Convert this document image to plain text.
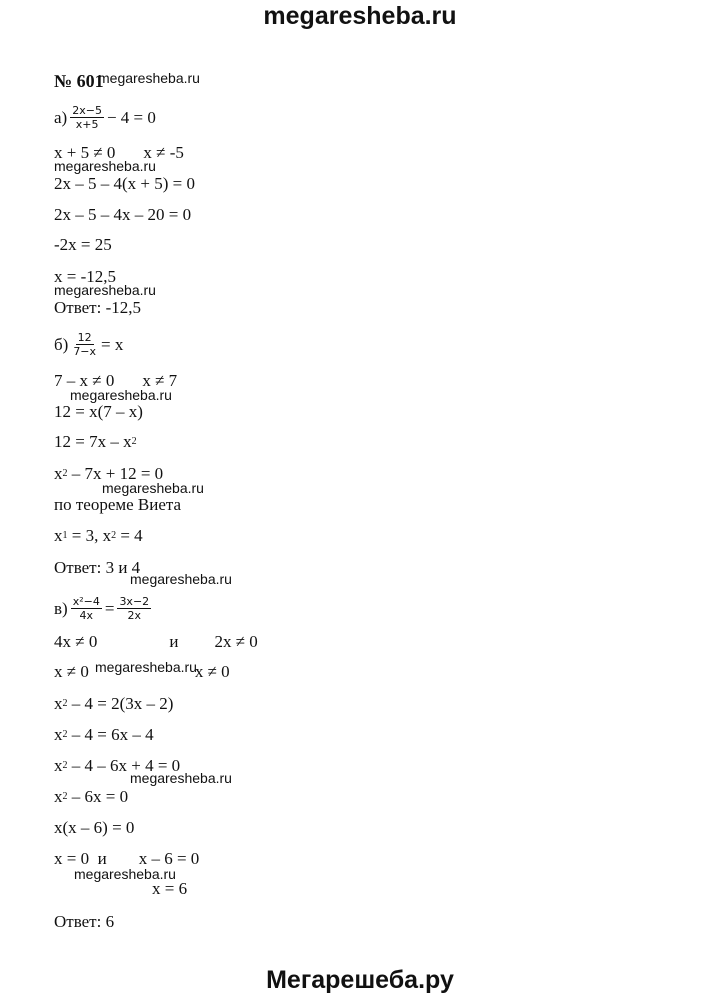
megaresheba.ru
№ 601
megaresheba.ru
$а) \frac{2x-5}{x+5} - 4 = 0$
x + 5 ≠ 0 x ≠ -5
megaresheba.ru
2x – 5 – 4(x + 5) = 0
2x – 5 – 4x – 20 = 0
-2x = 25
x = -12,5
megaresheba.ru
Ответ: -12,5
$б) \frac{12}{7-x} = x$
7 – x ≠ 0 x ≠ 7
megaresheba.ru
12 = x(7 – x)
12 = 7x – x 2
x 2 – 7x + 12 = 0
megaresheba.ru
по теореме Виета
x 1 = 3, x 2 = 4
Ответ: 3 и 4
megaresheba.ru
$в) \frac{\text{x²−4}}{4x} = \frac{3x-2}{2x}$
4x ≠ 0	и 2x ≠ 0
x ≠ 0	x ≠ 0
megaresheba.ru
x 2 – 4 = 2(3x – 2)
x 2 – 4 = 6x – 4
x 2 – 4 – 6x + 4 = 0
megaresheba.ru
x 2 – 6x = 0
x(x – 6) = 0
x = 0  и x – 6 = 0
megaresheba.ru
x = 6
Ответ: 6
Мегарешеба.ру
